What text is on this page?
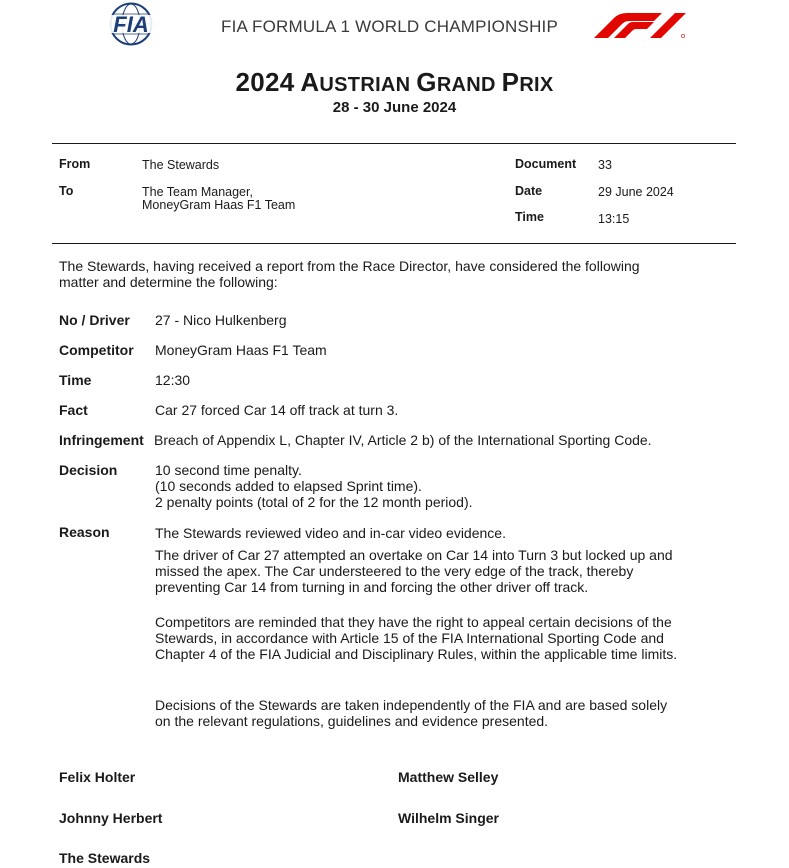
FIA	FIA FORMULA 1 WORLD CHAMPIONSHIP
2024 AUSTRIAN GRAND PRIX
28 - 30 June 2024
From	The Stewards
To	The Team Manager,
MoneyGram Haas F1 Team
Document 33
Date	29 June 2024
Time	13:15
The Stewards, having received a report from the Race Director, have considered the following
matter and determine the following:
No / Driver 27 - Nico Hulkenberg
Competitor MoneyGram Haas F1 Team
Time	12:30
Fact	Car 27 forced Car 14 off track at turn 3.
Infringement Breach of Appendix L, Chapter IV, Article 2 b) of the International Sporting Code.
Decision	10 second time penalty.
(10 seconds added to elapsed Sprint time).
2 penalty points (total of 2 for the 12 month period).
Reason	The Stewards reviewed video and in-car video evidence.
The driver of Car 27 attempted an overtake on Car 14 into Turn 3 but locked up and
missed the apex. The Car understeered to the very edge of the track, thereby
preventing Car 14 from turning in and forcing the other driver off track.
Competitors are reminded that they have the right to appeal certain decisions of the
Stewards, in accordance with Article 15 of the FIA International Sporting Code and
Chapter 4 of the FIA Judicial and Disciplinary Rules, within the applicable time limits.
Decisions of the Stewards are taken independently of the FIA and are based solely
on the relevant regulations, guidelines and evidence presented.
Felix Holter	Matthew Selley
Johnny Herbert	Wilhelm Singer
The Stewards
